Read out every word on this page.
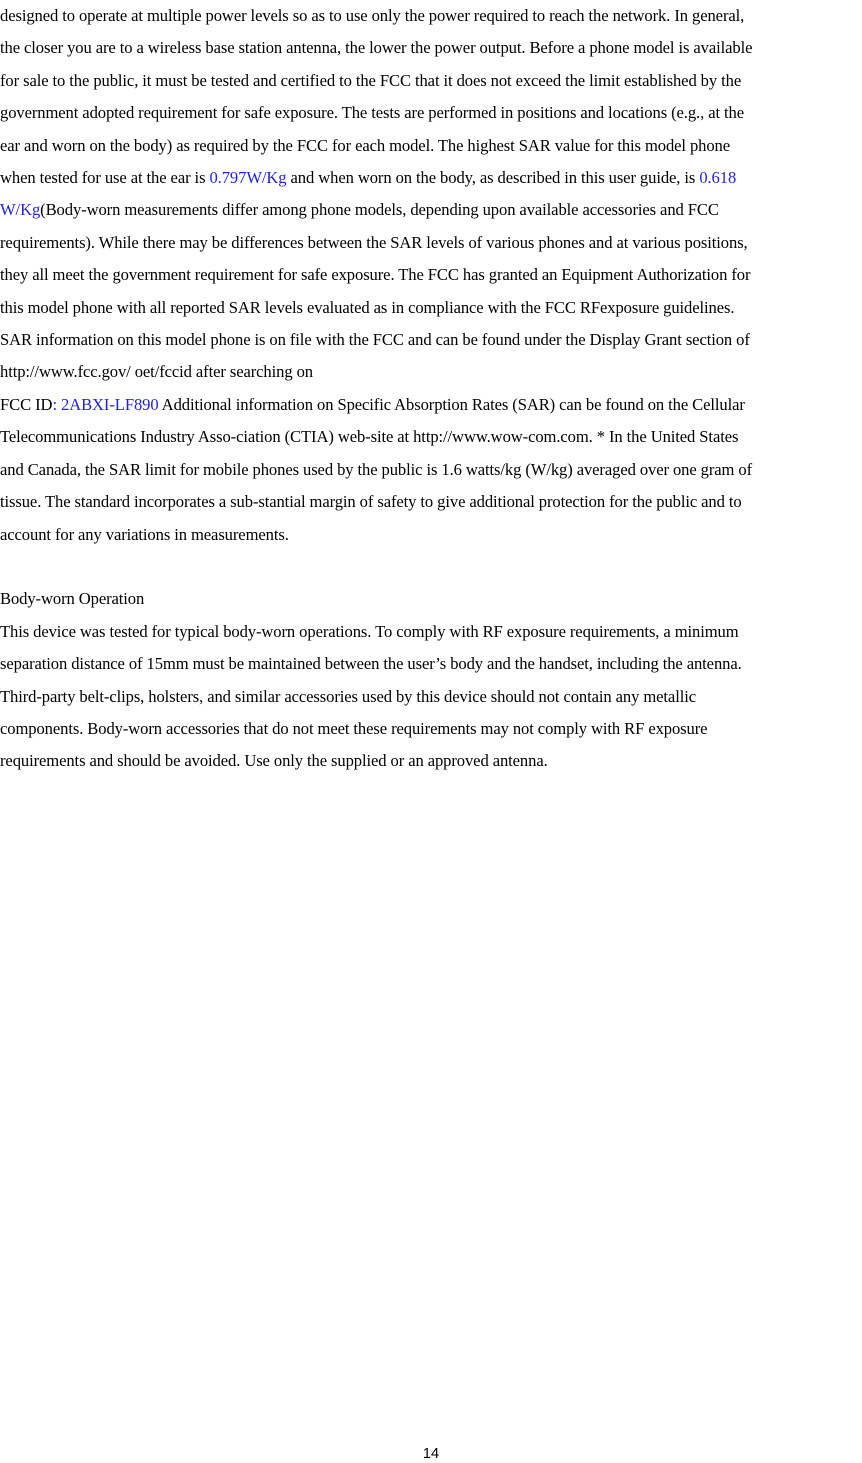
designed to operate at multiple power levels so as to use only the power required to reach the network. In general,
the closer you are to a wireless base station antenna, the lower the power output. Before a phone model is available
for sale to the public, it must be tested and certified to the FCC that it does not exceed the limit established by the
government adopted requirement for safe exposure. The tests are performed in positions and locations (e.g., at the
ear and worn on the body) as required by the FCC for each model. The highest SAR value for this model phone
when tested for use at the ear is 0.797W/Kg and when worn on the body, as described in this user guide, is 0.618
W/Kg(Body-worn measurements differ among phone models, depending upon available accessories and FCC
requirements). While there may be differences between the SAR levels of various phones and at various positions,
they all meet the government requirement for safe exposure. The FCC has granted an Equipment Authorization for
this model phone with all reported SAR levels evaluated as in compliance with the FCC RFexposure guidelines.
SAR information on this model phone is on file with the FCC and can be found under the Display Grant section of
http://www.fcc.gov/ oet/fccid after searching on
FCC ID: 2ABXI-LF890 Additional information on Specific Absorption Rates (SAR) can be found on the Cellular
Telecommunications Industry Asso-ciation (CTIA) web-site at http://www.wow-com.com. * In the United States
and Canada, the SAR limit for mobile phones used by the public is 1.6 watts/kg (W/kg) averaged over one gram of
tissue. The standard incorporates a sub-stantial margin of safety to give additional protection for the public and to
account for any variations in measurements.
Body-worn Operation
This device was tested for typical body-worn operations. To comply with RF exposure requirements, a minimum
separation distance of 15mm must be maintained between the user’s body and the handset, including the antenna.
Third-party belt-clips, holsters, and similar accessories used by this device should not contain any metallic
components. Body-worn accessories that do not meet these requirements may not comply with RF exposure
requirements and should be avoided. Use only the supplied or an approved antenna.
14
